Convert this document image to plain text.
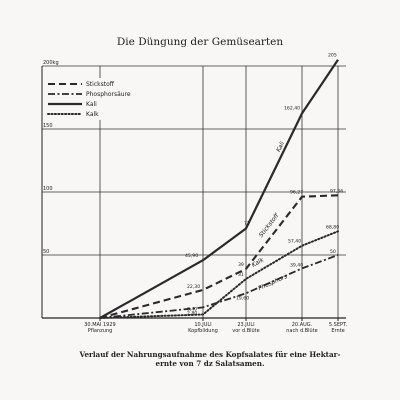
Die Düngung der Gemüsearten
50
100
150
200kg
30.MAI 1929
Pflanzung
10.JULI
Kopfbildung
23.JULI
vor d.Blüte
20.AUG.
nach d.Blüte
5.SEPT.
Ernte
22,30
39
96,27	97,36
Stickstoff
8,40
19,60
39,40
50
Phosphors
45,90
71
162,40
205
Kali
2,80
31
57,40
68,80
Kalk
Stickstoff
Phosphorsäure
Kali
Kalk
Verlauf der Nahrungsaufnahme des Kopfsalates für eine Hektar-
ernte von 7 dz Salatsamen.
